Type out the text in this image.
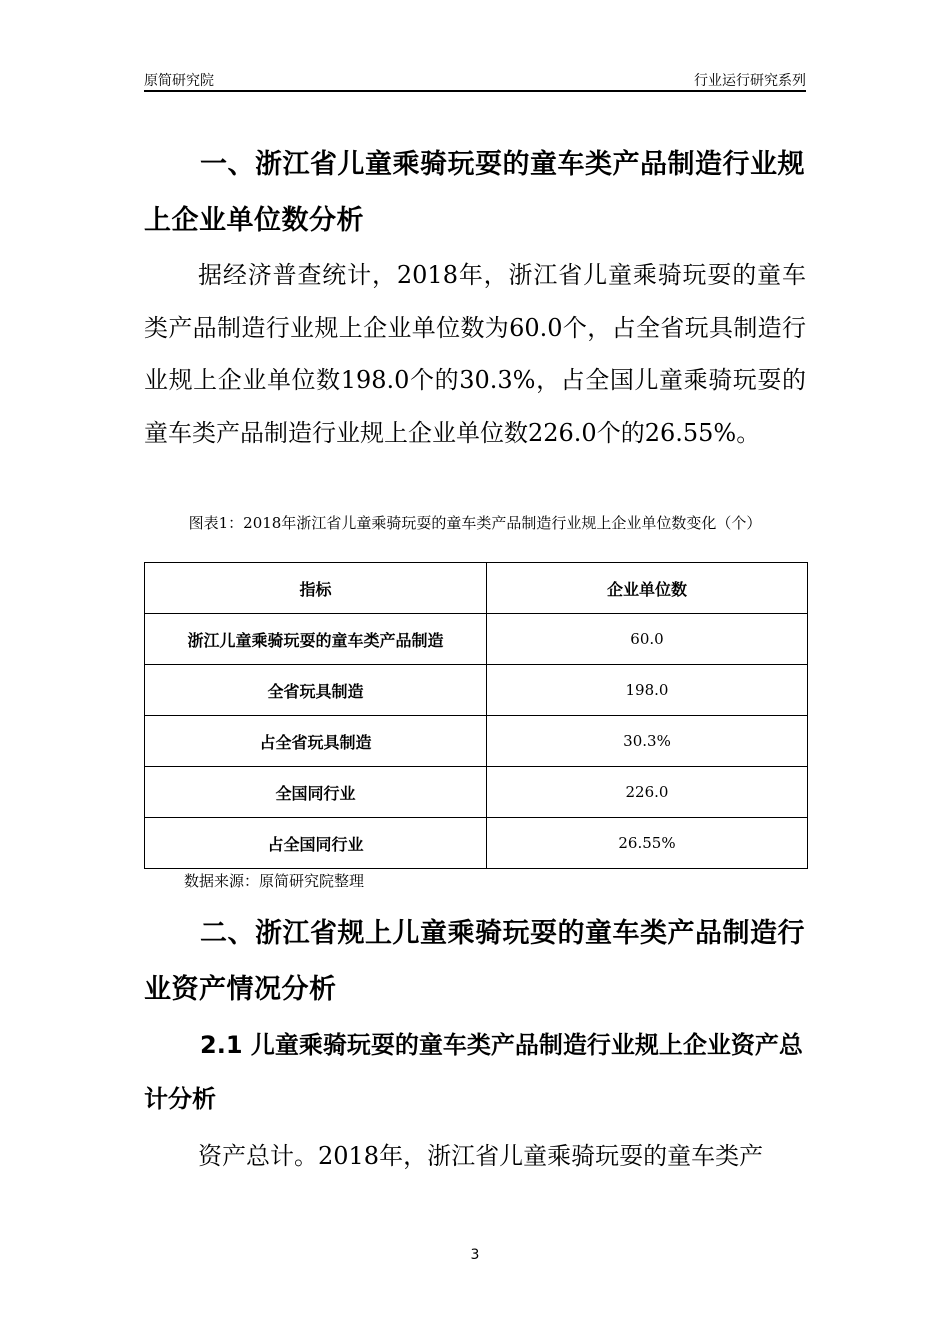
原简研究院	行业运行研究系列
一、浙江省儿童乘骑玩耍的童车类产品制造行业规上企业单位数分析

据经济普查统计，2018年，浙江省儿童乘骑玩耍的童车类产品制造行业规上企业单位数为60.0个，占全省玩具制造行业规上企业单位数198.0个的30.3%，占全国儿童乘骑玩耍的童车类产品制造行业规上企业单位数226.0个的26.55%。

图表1：2018年浙江省儿童乘骑玩耍的童车类产品制造行业规上企业单位数变化（个）

指标	企业单位数
浙江儿童乘骑玩耍的童车类产品制造	60.0
全省玩具制造	198.0
占全省玩具制造	30.3%
全国同行业	226.0
占全国同行业	26.55%
数据来源：原简研究院整理
二、浙江省规上儿童乘骑玩耍的童车类产品制造行业资产情况分析
2.1 儿童乘骑玩耍的童车类产品制造行业规上企业资产总计分析

资产总计。2018年，浙江省儿童乘骑玩耍的童车类产

3
